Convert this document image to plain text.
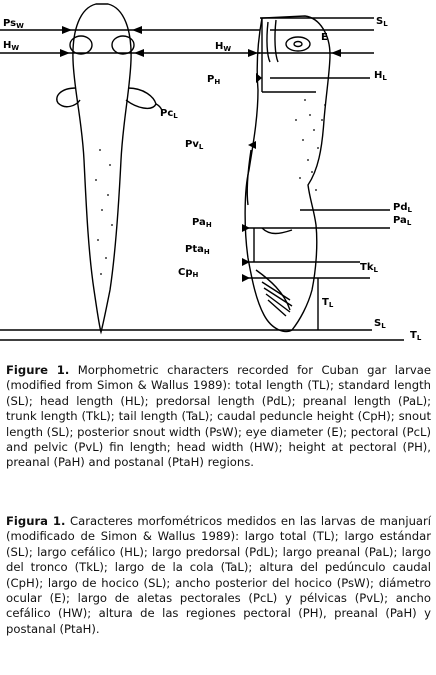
$Ps_W$
$H_W$	$H_W$
$S_L$
E
$P_H$
$H_L$
$Pc_L$
$Pv_L$
$Pd_L$
$Pa_L$
$Pa_H$
Pta$_H$
$Tk_L$
$Cp_H$
$T_L$
$S_L$
$T_L$
Figure 1. Morphometric characters recorded for Cuban gar larvae (modified from Simon & Wallus 1989): total length (TL); standard length (SL); head length (HL); predorsal length (PdL); preanal length (PaL); trunk length (TkL); tail length (TaL); caudal peduncle height (CpH); snout length (SL); posterior snout width (PsW); eye diameter (E); pectoral (PcL) and pelvic (PvL) fin length; head width (HW); height at pectoral (PH), preanal (PaH) and postanal (PtaH) regions.
Figura 1. Caracteres morfométricos medidos en las larvas de manjuarí (modificado de Simon & Wallus 1989): largo total (TL); largo estándar (SL); largo cefálico (HL); largo predorsal (PdL); largo preanal (PaL); largo del tronco (TkL); largo de la cola (TaL); altura del pedúnculo caudal (CpH); largo de hocico (SL); ancho posterior del hocico (PsW); diámetro ocular (E); largo de aletas pectorales (PcL) y pélvicas (PvL); ancho cefálico (HW); altura de las regiones pectoral (PH), preanal (PaH) y postanal (PtaH).
